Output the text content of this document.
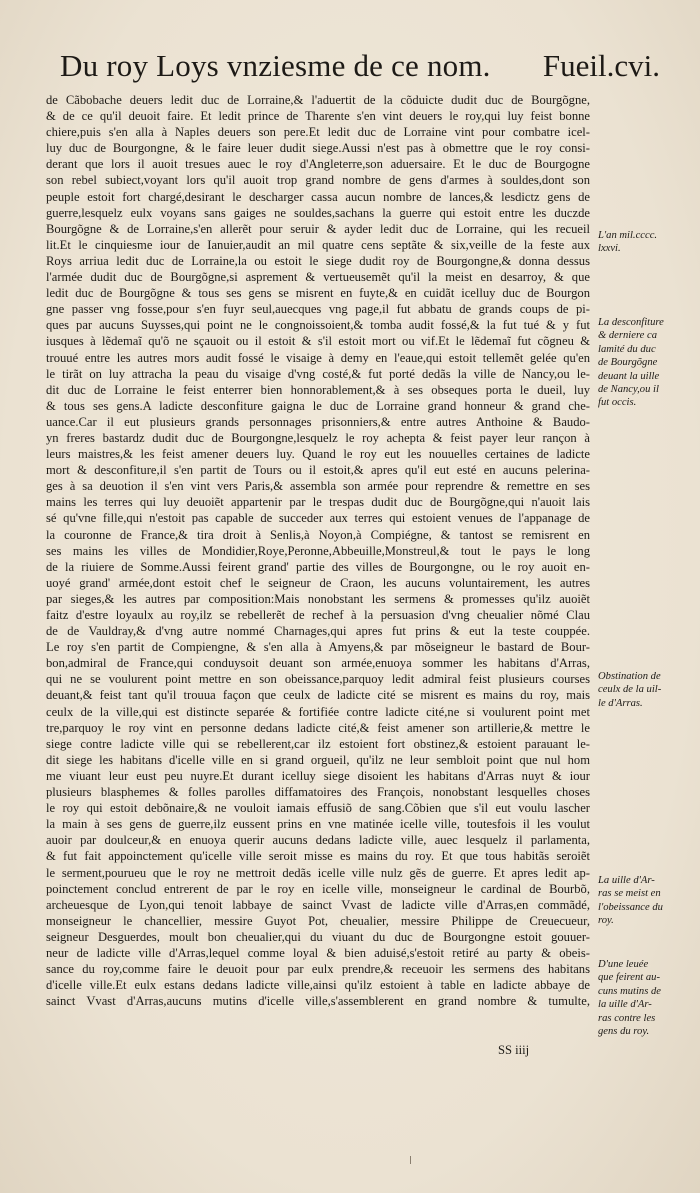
Du roy Loys vnziesme de ce nom. Fueil.cvi.
de Cãbobache deuers ledit duc de Lorraine,& l'aduertit de la cõduicte dudit duc de Bourgõgne,
& de ce qu'il deuoit faire. Et ledit prince de Tharente s'en vint deuers le roy,qui luy feist bonne
chiere,puis s'en alla à Naples deuers son pere.Et ledit duc de Lorraine vint pour combatre icel-
luy duc de Bourgongne, & le faire leuer dudit siege.Aussi n'est pas à obmettre que le roy consi-
derant que lors il auoit tresues auec le roy d'Angleterre,son aduersaire. Et le duc de Bourgogne
son rebel subiect,voyant lors qu'il auoit trop grand nombre de gens d'armes à souldes,dont son
peuple estoit fort chargé,desirant le descharger cassa aucun nombre de lances,& lesdictz gens de
guerre,lesquelz eulx voyans sans gaiges ne souldes,sachans la guerre qui estoit entre les duczde
Bourgõgne & de Lorraine,s'en allerẽt pour seruir & ayder ledit duc de Lorraine, qui les recueil
lit.Et le cinquiesme iour de Ianuier,audit an mil quatre cens septãte & six,veille de la feste aux
Roys arriua ledit duc de Lorraine,la ou estoit le siege dudit roy de Bourgongne,& donna dessus
l'armée dudit duc de Bourgõgne,si asprement & vertueusemẽt qu'il la meist en desarroy, & que
ledit duc de Bourgõgne & tous ses gens se misrent en fuyte,& en cuidãt icelluy duc de Bourgon
gne passer vng fosse,pour s'en fuyr seul,auecques vng page,il fut abbatu de grands coups de pi-
ques par aucuns Suysses,qui point ne le congnoissoient,& tomba audit fossé,& la fut tué & y fut
iusques à lẽdemaĩ qu'õ ne sçauoit ou il estoit & s'il estoit mort ou vif.Et le lẽdemaĩ fut cõgneu &
trouué entre les autres mors audit fossé le visaige à demy en l'eaue,qui estoit tellemẽt gelée qu'en
le tirãt on luy attracha la peau du visaige d'vng costé,& fut porté dedãs la ville de Nancy,ou le-
dit duc de Lorraine le feist enterrer bien honnorablement,& à ses obseques porta le dueil, luy
& tous ses gens.A ladicte desconfiture gaigna le duc de Lorraine grand honneur & grand che-
uance.Car il eut plusieurs grands personnages prisonniers,& entre autres Anthoine & Baudo-
yn freres bastardz dudit duc de Bourgongne,lesquelz le roy achepta & feist payer leur rançon à
leurs maistres,& les feist amener deuers luy. Quand le roy eut les nouuelles certaines de ladicte
mort & desconfiture,il s'en partit de Tours ou il estoit,& apres qu'il eut esté en aucuns pelerina-
ges à sa deuotion il s'en vint vers Paris,& assembla son armée pour reprendre & remettre en ses
mains les terres qui luy deuoiẽt appartenir par le trespas dudit duc de Bourgõgne,qui n'auoit lais
sé qu'vne fille,qui n'estoit pas capable de succeder aux terres qui estoient venues de l'appanage de
la couronne de France,& tira droit à Senlis,à Noyon,à Compiégne, & tantost se remisrent en
ses mains les villes de Mondidier,Roye,Peronne,Abbeuille,Monstreul,& tout le pays le long
de la riuiere de Somme.Aussi feirent grand' partie des villes de Bourgongne, ou le roy auoit en-
uoyé grand' armée,dont estoit chef le seigneur de Craon, les aucuns voluntairement, les autres
par sieges,& les autres par composition:Mais nonobstant les sermens & promesses qu'ilz auoiẽt
faitz d'estre loyaulx au roy,ilz se rebellerẽt de rechef à la persuasion d'vng cheualier nõmé Clau
de de Vauldray,& d'vng autre nommé Charnages,qui apres fut prins & eut la teste couppée.
Le roy s'en partit de Compiengne, & s'en alla à Amyens,& par mõseigneur le bastard de Bour-
bon,admiral de France,qui conduysoit deuant son armée,enuoya sommer les habitans d'Arras,
qui ne se voulurent point mettre en son obeissance,parquoy ledit admiral feist plusieurs courses
deuant,& feist tant qu'il trouua façon que ceulx de ladicte cité se misrent es mains du roy, mais
ceulx de la ville,qui est distincte separée & fortifiée contre ladicte cité,ne si voulurent point met
tre,parquoy le roy vint en personne dedans ladicte cité,& feist amener son artillerie,& mettre le
siege contre ladicte ville qui se rebellerent,car ilz estoient fort obstinez,& estoient parauant le-
dit siege les habitans d'icelle ville en si grand orgueil, qu'ilz ne leur sembloit point que nul hom
me viuant leur eust peu nuyre.Et durant icelluy siege disoient les habitans d'Arras nuyt & iour
plusieurs blasphemes & folles parolles diffamatoires des François, nonobstant lesquelles choses
le roy qui estoit debõnaire,& ne vouloit iamais effusiõ de sang.Cõbien que s'il eut voulu lascher
la main à ses gens de guerre,ilz eussent prins en vne matinée icelle ville, toutesfois il les voulut
auoir par doulceur,& en enuoya querir aucuns dedans ladicte ville, auec lesquelz il parlamenta,
& fut fait appoinctement qu'icelle ville seroit misse es mains du roy. Et que tous habitãs seroiẽt
le serment,pourueu que le roy ne mettroit dedãs icelle ville nulz gẽs de guerre. Et apres ledit ap-
poinctement conclud entrerent de par le roy en icelle ville, monseigneur le cardinal de Bourbõ,
archeuesque de Lyon,qui tenoit labbaye de sainct Vvast de ladicte ville d'Arras,en commãdé,
monseigneur le chancellier, messire Guyot Pot, cheualier, messire Philippe de Creuecueur,
seigneur Desguerdes, moult bon cheualier,qui du viuant du duc de Bourgongne estoit gouuer-
neur de ladicte ville d'Arras,lequel comme loyal & bien aduisé,s'estoit retiré au party & obeis-
sance du roy,comme faire le deuoit pour par eulx prendre,& receuoir les sermens des habitans
d'icelle ville.Et eulx estans dedans ladicte ville,ainsi qu'ilz estoient à table en ladicte abbaye de
sainct Vvast d'Arras,aucuns mutins d'icelle ville,s'assemblerent en grand nombre & tumulte,
L'an mil.cccc.
lxxvi.
La desconfiture
& derniere ca
lamité du duc
de Bourgõgne
deuant la uille
de Nancy,ou il
fut occis.
Obstination de
ceulx de la uil-
le d'Arras.
La uille d'Ar-
ras se meist en
l'obeissance du
roy.
D'une leuée
que feirent au-
cuns mutins de
la uille d'Ar-
ras contre les
gens du roy.
SS iiij
